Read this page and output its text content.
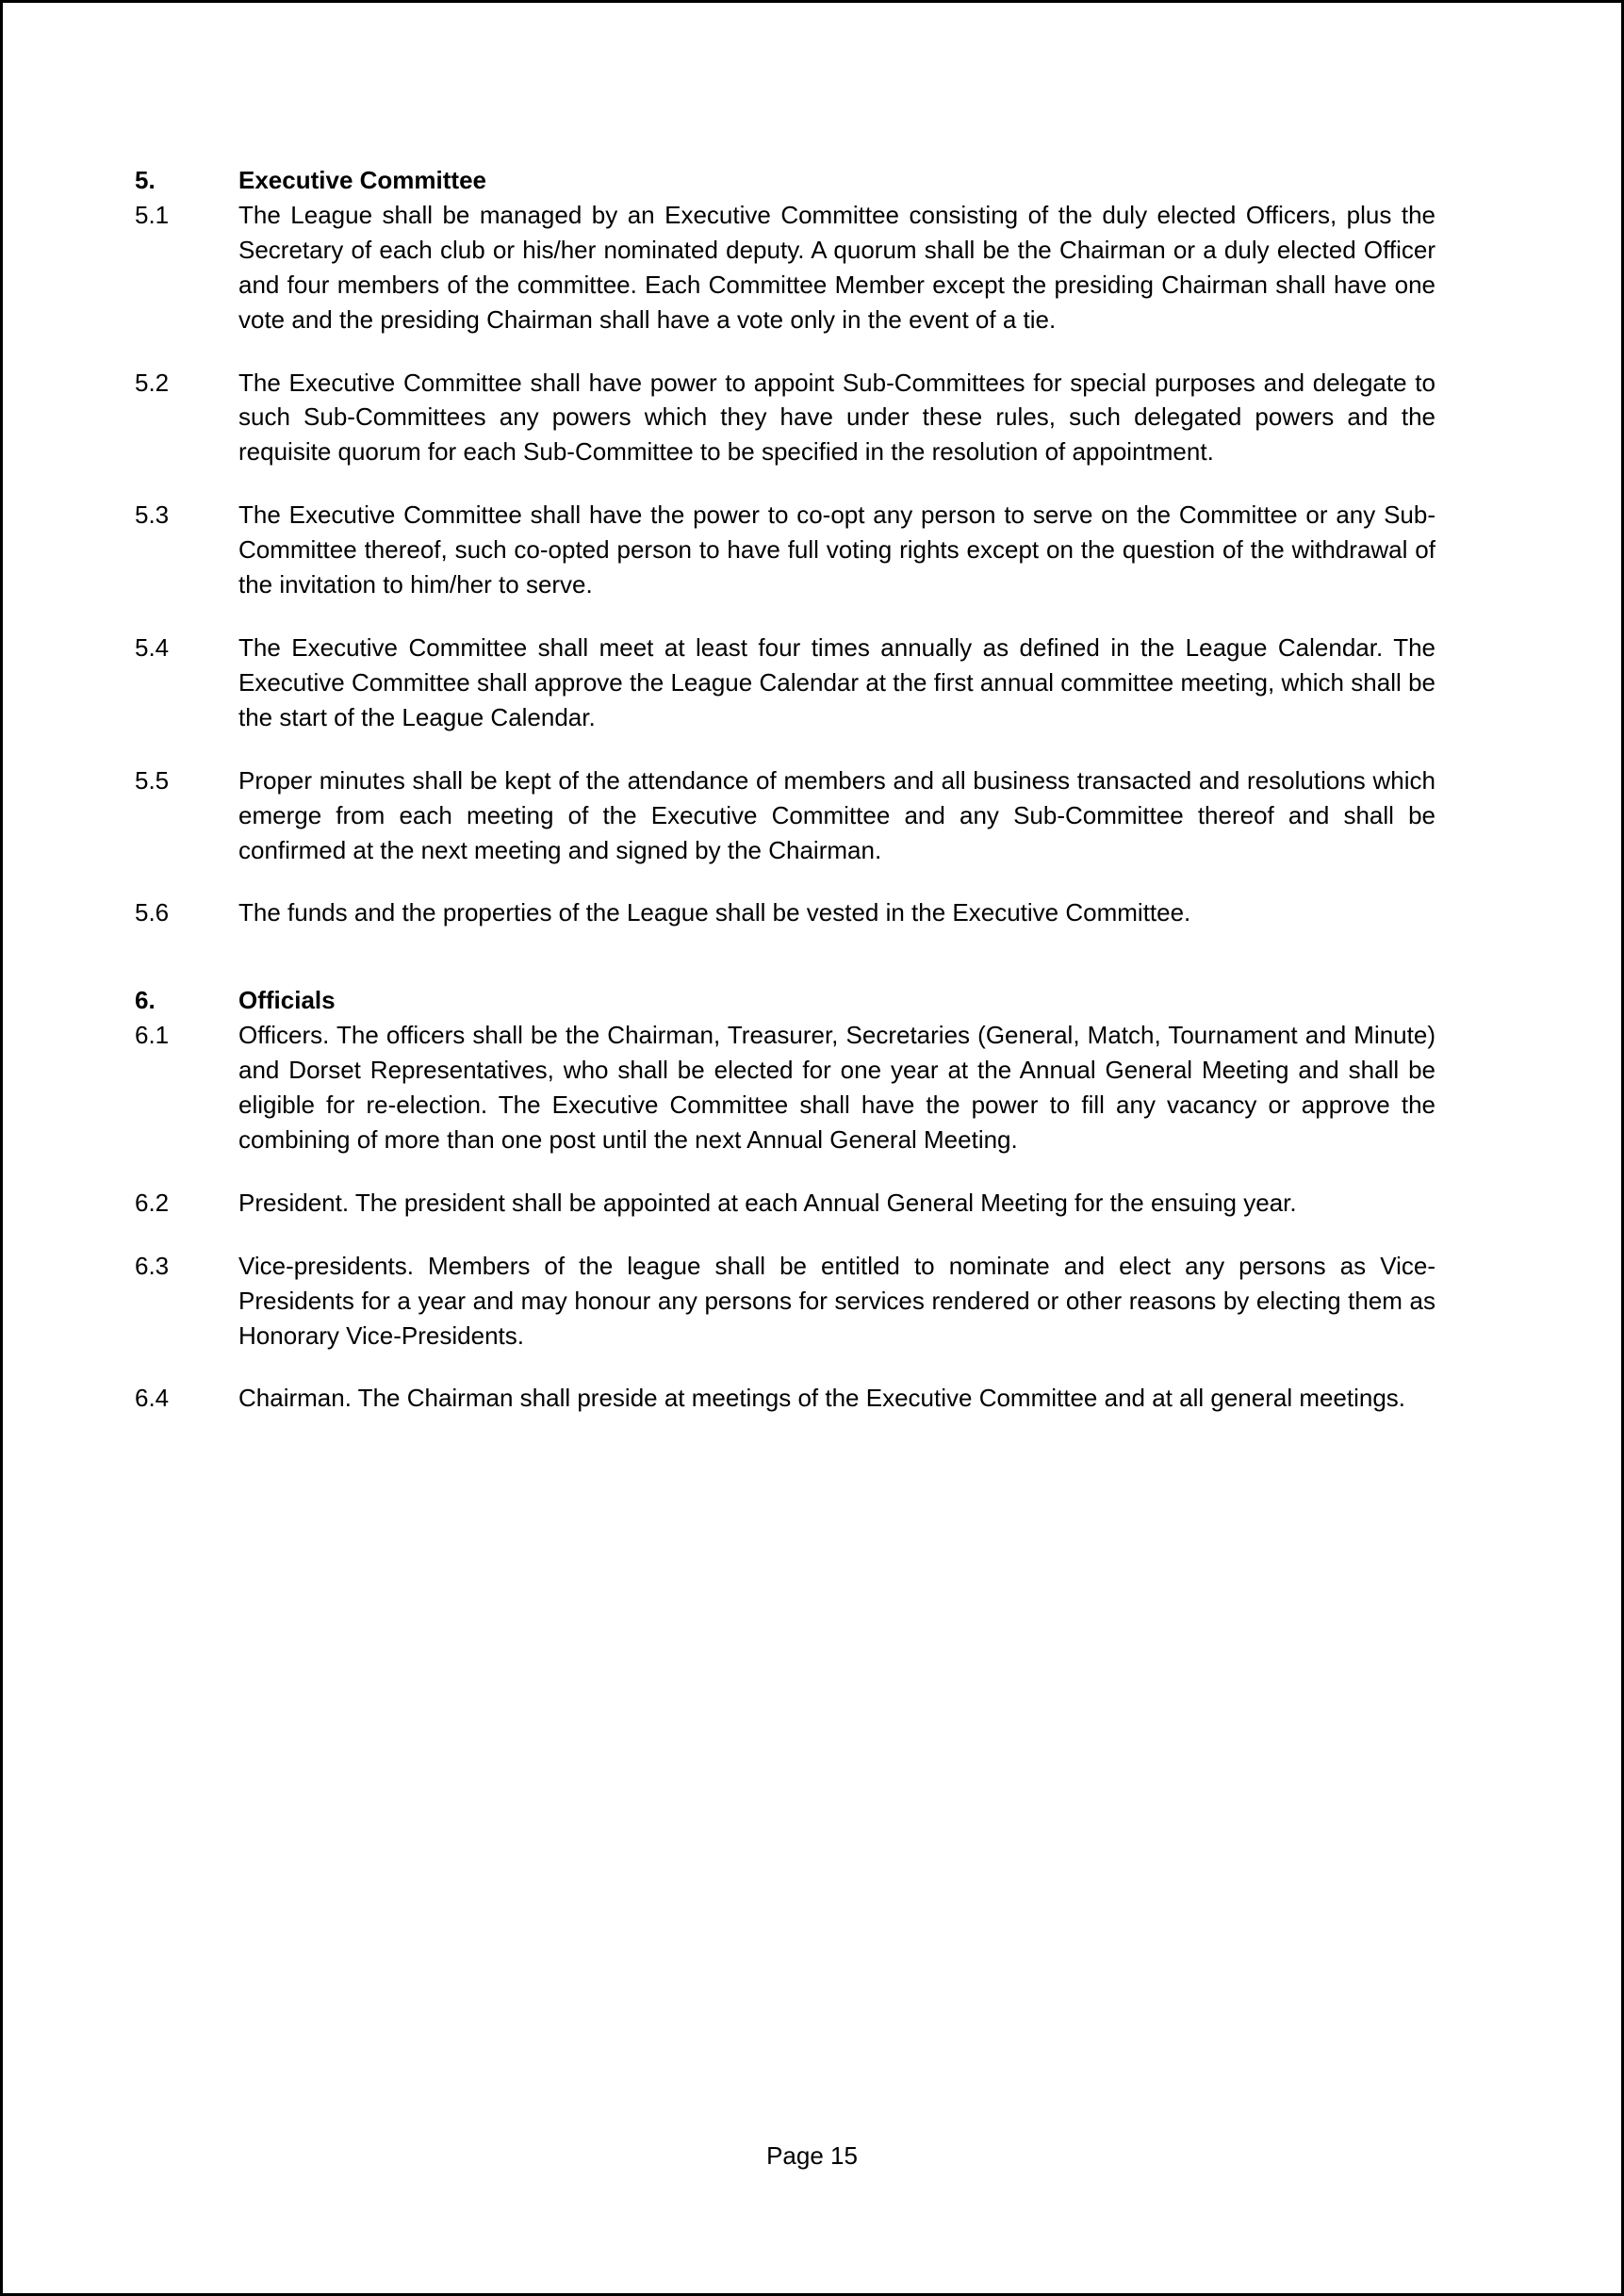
5.	Executive Committee
5.1	The League shall be managed by an Executive Committee consisting of the duly elected Officers, plus the Secretary of each club or his/her nominated deputy. A quorum shall be the Chairman or a duly elected Officer and four members of the committee. Each Committee Member except the presiding Chairman shall have one vote and the presiding Chairman shall have a vote only in the event of a tie.
5.2	The Executive Committee shall have power to appoint Sub-Committees for special purposes and delegate to such Sub-Committees any powers which they have under these rules, such delegated powers and the requisite quorum for each Sub-Committee to be specified in the resolution of appointment.
5.3	The Executive Committee shall have the power to co-opt any person to serve on the Committee or any Sub-Committee thereof, such co-opted person to have full voting rights except on the question of the withdrawal of the invitation to him/her to serve.
5.4	The Executive Committee shall meet at least four times annually as defined in the League Calendar. The Executive Committee shall approve the League Calendar at the first annual committee meeting, which shall be the start of the League Calendar.
5.5	Proper minutes shall be kept of the attendance of members and all business transacted and resolutions which emerge from each meeting of the Executive Committee and any Sub-Committee thereof and shall be confirmed at the next meeting and signed by the Chairman.
5.6	The funds and the properties of the League shall be vested in the Executive Committee.
6.	Officials
6.1	Officers. The officers shall be the Chairman, Treasurer, Secretaries (General, Match, Tournament and Minute) and Dorset Representatives, who shall be elected for one year at the Annual General Meeting and shall be eligible for re-election. The Executive Committee shall have the power to fill any vacancy or approve the combining of more than one post until the next Annual General Meeting.
6.2	President. The president shall be appointed at each Annual General Meeting for the ensuing year.
6.3	Vice-presidents. Members of the league shall be entitled to nominate and elect any persons as Vice-Presidents for a year and may honour any persons for services rendered or other reasons by electing them as Honorary Vice-Presidents.
6.4	Chairman. The Chairman shall preside at meetings of the Executive Committee and at all general meetings.
Page 15
